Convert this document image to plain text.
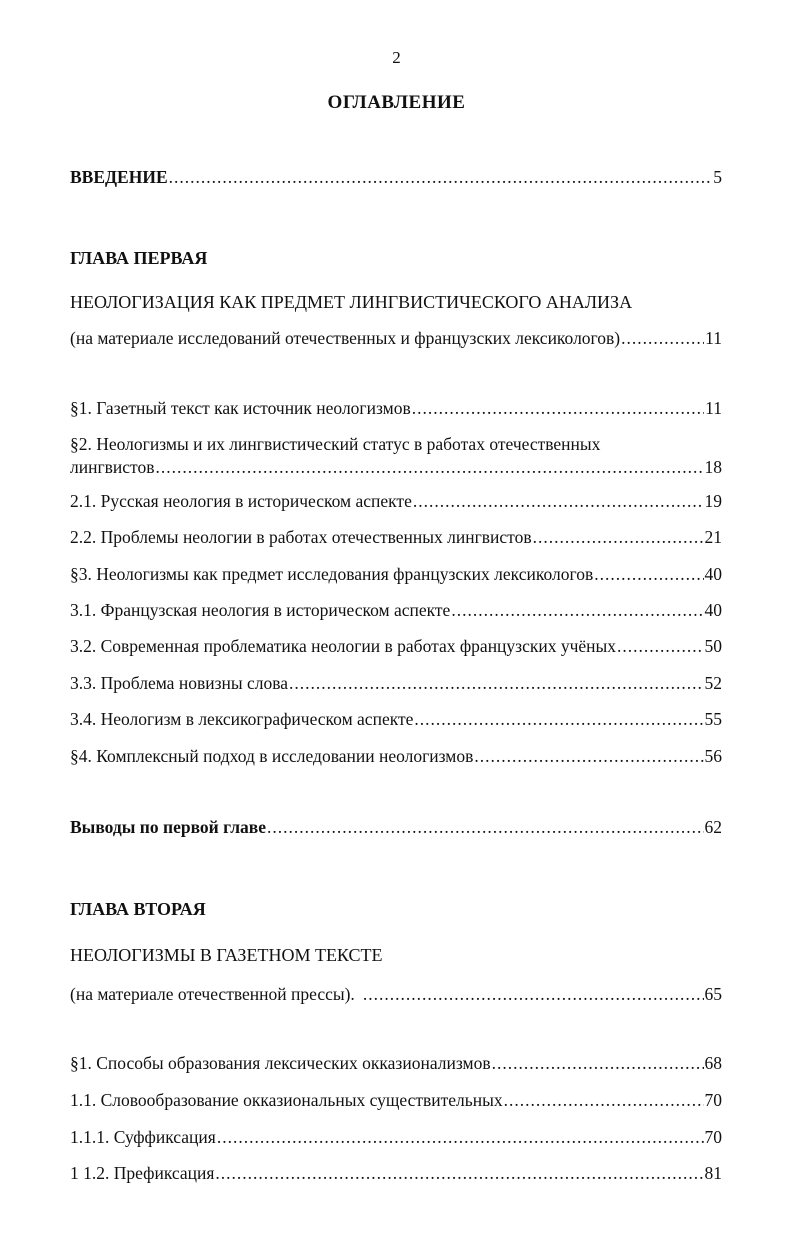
2
ОГЛАВЛЕНИЕ
ВВЕДЕНИЕ .....	5
ГЛАВА ПЕРВАЯ
НЕОЛОГИЗАЦИЯ КАК ПРЕДМЕТ ЛИНГВИСТИЧЕСКОГО АНАЛИЗА
(на материале исследований отечественных и французских лексикологов) .....	11
§1. Газетный текст как источник неологизмов .....	11
§2. Неологизмы и их лингвистический статус в работах отечественных
лингвистов .....	18
2.1. Русская неология в историческом аспекте .....	19
2.2. Проблемы неологии в работах отечественных лингвистов .....	21
§3. Неологизмы как предмет исследования французских лексикологов .....	40
3.1. Французская неология в историческом аспекте .....	40
3.2. Современная проблематика неологии в работах французских учёных .....	50
3.3. Проблема новизны слова .....	52
3.4. Неологизм в лексикографическом аспекте .....	55
§4. Комплексный подход в исследовании неологизмов .....	56
Выводы по первой главе .....	62
ГЛАВА ВТОРАЯ
НЕОЛОГИЗМЫ В ГАЗЕТНОМ ТЕКСТЕ
(на материале отечественной прессы). .....	65
§1. Способы образования лексических окказионализмов .....	68
1.1. Словообразование окказиональных существительных .....	70
1.1.1. Суффиксация .....	70
1 1.2. Префиксация .....	81
